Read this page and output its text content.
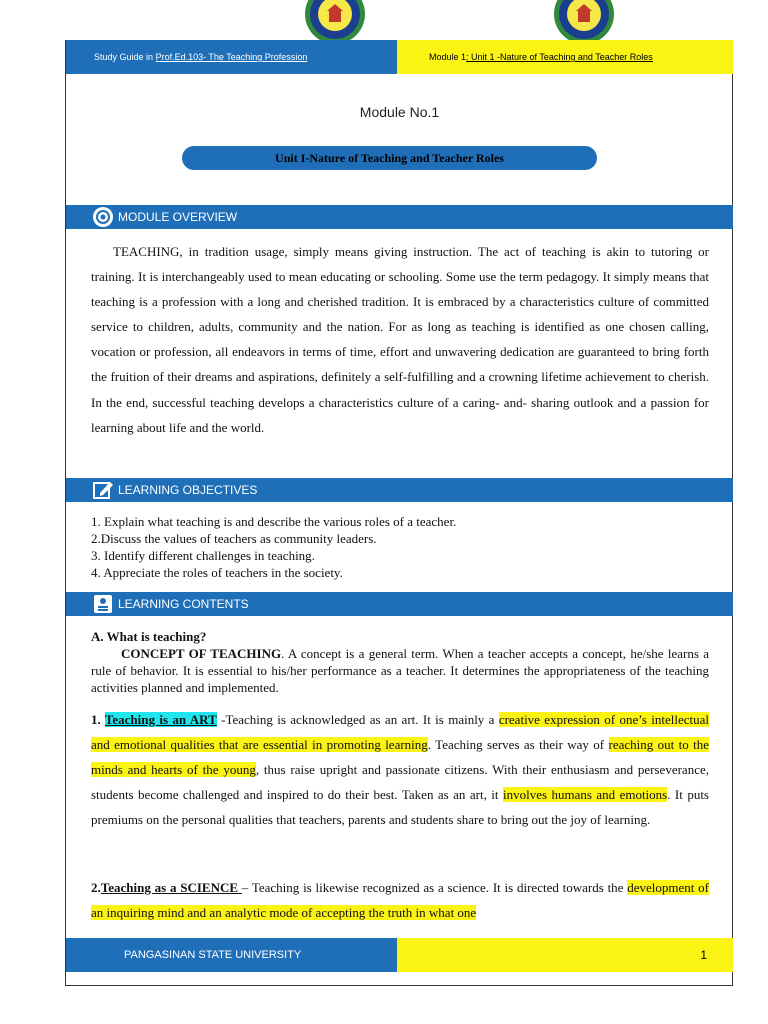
Study Guide in
Prof.Ed.103- The Teaching Profession	Module 1 : Unit 1 -Nature of Teaching and Teacher Roles
Module No.1
Unit I-Nature of Teaching and Teacher Roles
MODULE OVERVIEW
TEACHING, in tradition usage, simply means giving instruction. The act of teaching is akin to tutoring or training. It is interchangeably used to mean educating or schooling. Some use the term pedagogy. It simply means that teaching is a profession with a long and cherished tradition. It is embraced by a characteristics culture of committed service to children, adults, community and the nation. For as long as teaching is identified as one chosen calling, vocation or profession, all endeavors in terms of time, effort and unwavering dedication are guaranteed to bring forth the fruition of their dreams and aspirations, definitely a self-fulfilling and a crowning lifetime achievement to cherish. In the end, successful teaching develops a characteristics culture of a caring- and- sharing outlook and a passion for learning about life and the world.
LEARNING OBJECTIVES
1. Explain what teaching is and describe the various roles of a teacher.
2.Discuss the values of teachers as community leaders.
3. Identify different challenges in teaching.
4. Appreciate the roles of teachers in the society.
LEARNING CONTENTS
A. What is teaching?
CONCEPT OF TEACHING. A concept is a general term. When a teacher accepts a concept, he/she learns a rule of behavior. It is essential to his/her performance as a teacher. It determines the appropriateness of the teaching activities planned and implemented.
1. Teaching is an ART -Teaching is acknowledged as an art. It is mainly a creative expression of one’s intellectual and emotional qualities that are essential in promoting learning. Teaching serves as their way of reaching out to the minds and hearts of the young, thus raise upright and passionate citizens. With their enthusiasm and perseverance, students become challenged and inspired to do their best. Taken as an art, it involves humans and emotions. It puts premiums on the personal qualities that teachers, parents and students share to bring out the joy of learning.
2.Teaching as a SCIENCE – Teaching is likewise recognized as a science. It is directed towards the development of an inquiring mind and an analytic mode of accepting the truth in what one
PANGASINAN STATE UNIVERSITY	1
